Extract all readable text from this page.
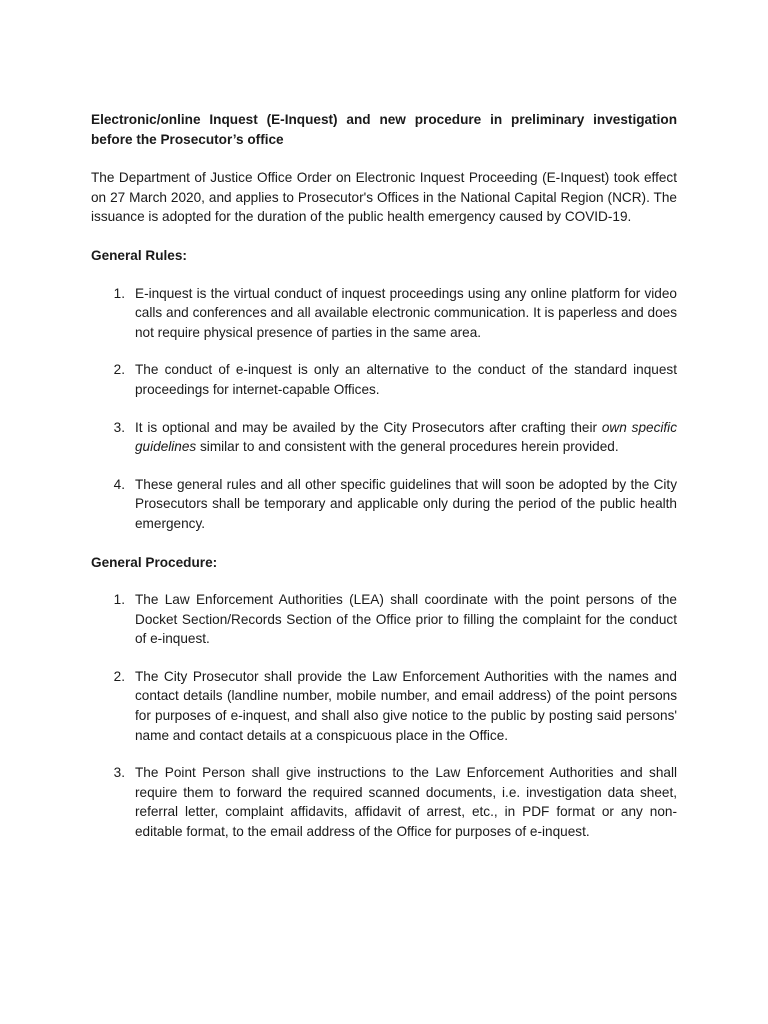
Electronic/online Inquest (E-Inquest) and new procedure in preliminary investigation before the Prosecutor’s office

The Department of Justice Office Order on Electronic Inquest Proceeding (E-Inquest) took effect on 27 March 2020, and applies to Prosecutor's Offices in the National Capital Region (NCR). The issuance is adopted for the duration of the public health emergency caused by COVID-19.

General Rules:

1. E-inquest is the virtual conduct of inquest proceedings using any online platform for video calls and conferences and all available electronic communication. It is paperless and does not require physical presence of parties in the same area.
2. The conduct of e-inquest is only an alternative to the conduct of the standard inquest proceedings for internet-capable Offices.
3. It is optional and may be availed by the City Prosecutors after crafting their own specific guidelines similar to and consistent with the general procedures herein provided.
4. These general rules and all other specific guidelines that will soon be adopted by the City Prosecutors shall be temporary and applicable only during the period of the public health emergency.

General Procedure:

1. The Law Enforcement Authorities (LEA) shall coordinate with the point persons of the Docket Section/Records Section of the Office prior to filling the complaint for the conduct of e-inquest.
2. The City Prosecutor shall provide the Law Enforcement Authorities with the names and contact details (landline number, mobile number, and email address) of the point persons for purposes of e-inquest, and shall also give notice to the public by posting said persons' name and contact details at a conspicuous place in the Office.
3. The Point Person shall give instructions to the Law Enforcement Authorities and shall require them to forward the required scanned documents, i.e. investigation data sheet, referral letter, complaint affidavits, affidavit of arrest, etc., in PDF format or any non-editable format, to the email address of the Office for purposes of e-inquest.
